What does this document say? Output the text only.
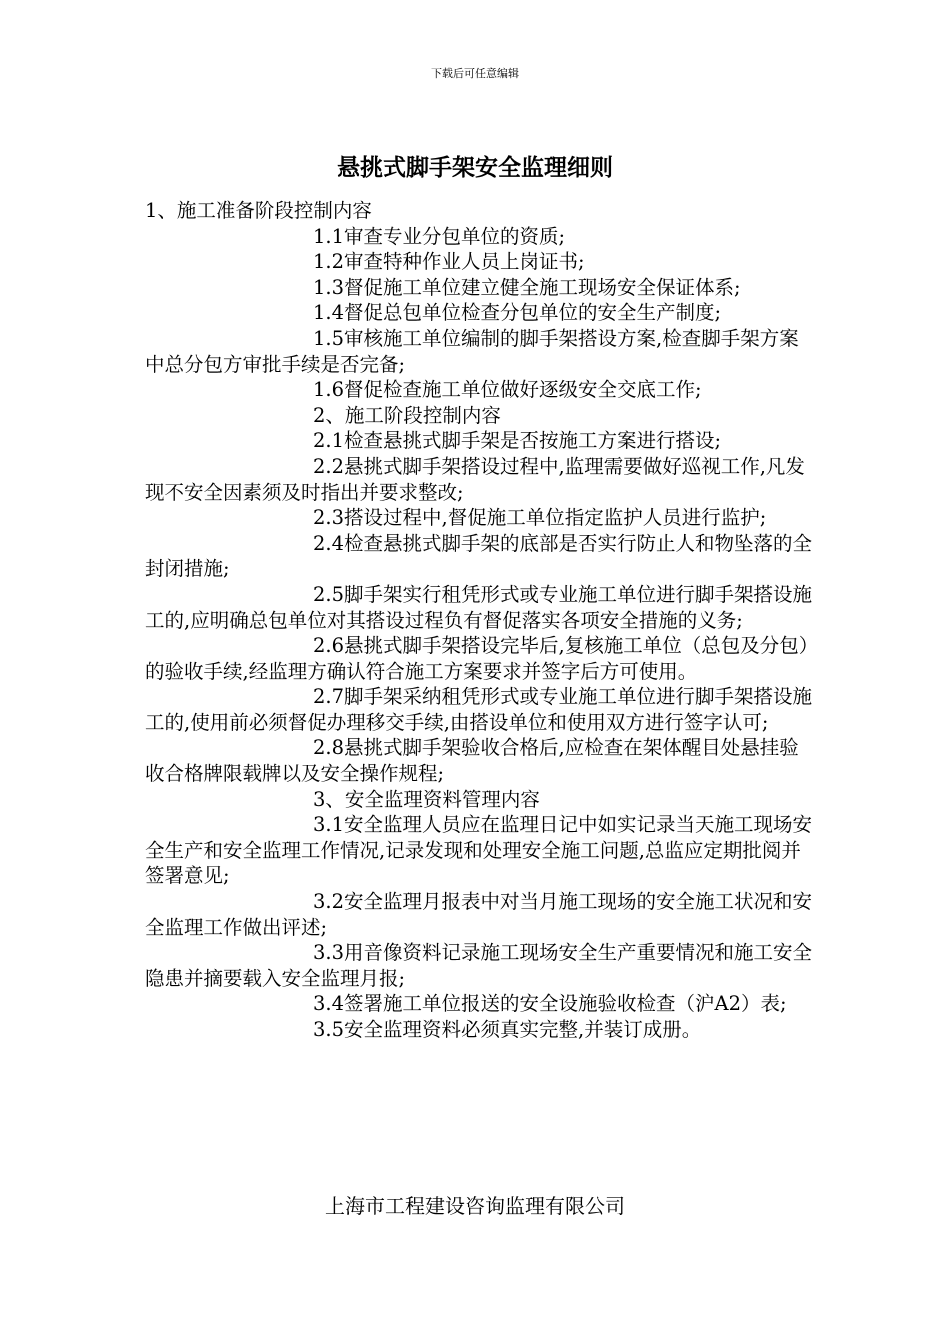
下载后可任意编辑
悬挑式脚手架安全监理细则

1、施工准备阶段控制内容

1.1审查专业分包单位的资质;

1.2审查特种作业人员上岗证书;

1.3督促施工单位建立健全施工现场安全保证体系;

1.4督促总包单位检查分包单位的安全生产制度;

1.5审核施工单位编制的脚手架搭设方案,检查脚手架方案中总分包方审批手续是否完备;

1.6督促检查施工单位做好逐级安全交底工作;

2、施工阶段控制内容

2.1检查悬挑式脚手架是否按施工方案进行搭设;

2.2悬挑式脚手架搭设过程中,监理需要做好巡视工作,凡发现不安全因素须及时指出并要求整改;

2.3搭设过程中,督促施工单位指定监护人员进行监护;

2.4检查悬挑式脚手架的底部是否实行防止人和物坠落的全封闭措施;

2.5脚手架实行租凭形式或专业施工单位进行脚手架搭设施工的,应明确总包单位对其搭设过程负有督促落实各项安全措施的义务;

2.6悬挑式脚手架搭设完毕后,复核施工单位（总包及分包）的验收手续,经监理方确认符合施工方案要求并签字后方可使用。

2.7脚手架采纳租凭形式或专业施工单位进行脚手架搭设施工的,使用前必须督促办理移交手续,由搭设单位和使用双方进行签字认可;

2.8悬挑式脚手架验收合格后,应检查在架体醒目处悬挂验收合格牌限载牌以及安全操作规程;

3、安全监理资料管理内容

3.1安全监理人员应在监理日记中如实记录当天施工现场安全生产和安全监理工作情况,记录发现和处理安全施工问题,总监应定期批阅并签署意见;

3.2安全监理月报表中对当月施工现场的安全施工状况和安全监理工作做出评述;

3.3用音像资料记录施工现场安全生产重要情况和施工安全隐患并摘要载入安全监理月报;

3.4签署施工单位报送的安全设施验收检查（沪A2）表;

3.5安全监理资料必须真实完整,并装订成册。

上海市工程建设咨询监理有限公司
